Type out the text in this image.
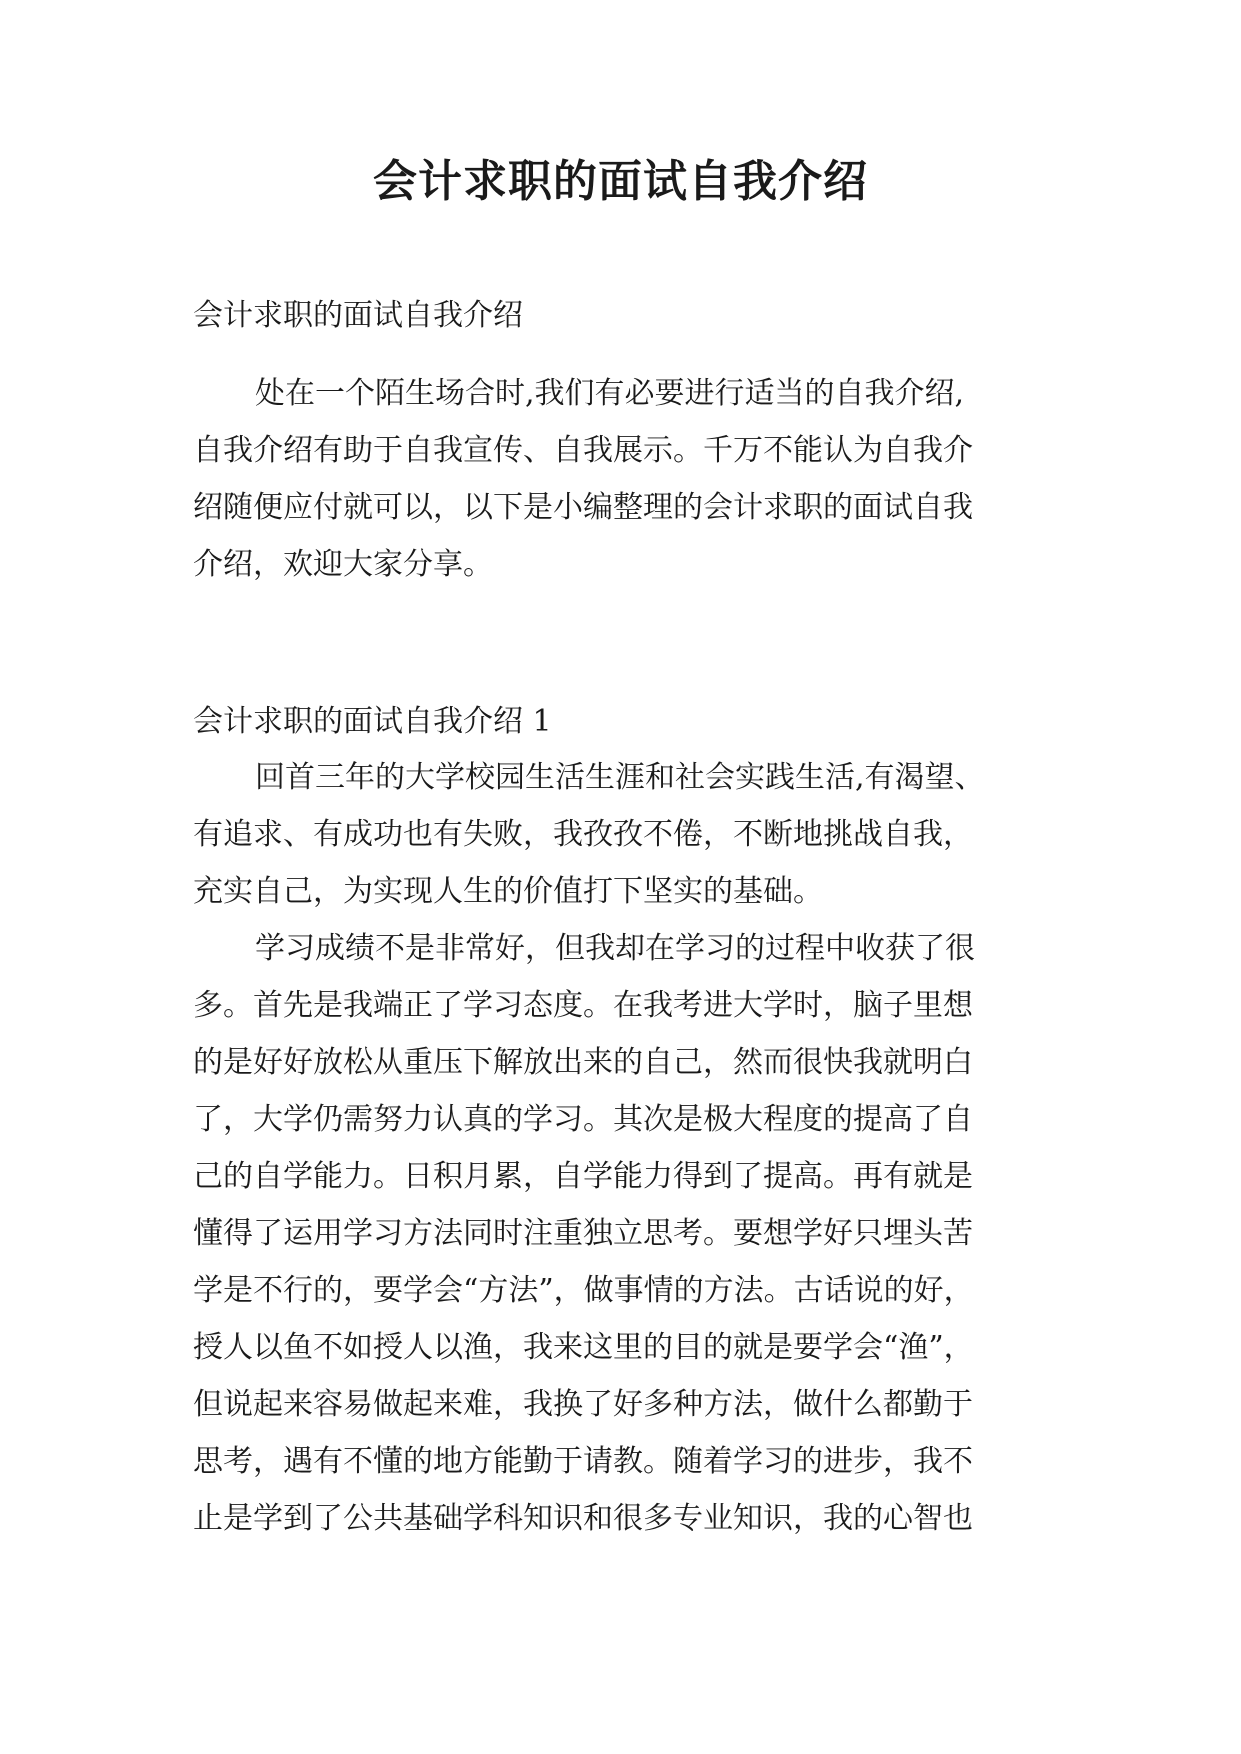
会计求职的面试自我介绍

会计求职的面试自我介绍

处在一个陌生场合时,我们有必要进行适当的自我介绍,
自我介绍有助于自我宣传、自我展示。千万不能认为自我介
绍随便应付就可以，以下是小编整理的会计求职的面试自我
介绍，欢迎大家分享。

会计求职的面试自我介绍 1

回首三年的大学校园生活生涯和社会实践生活,有渴望、
有追求、有成功也有失败，我孜孜不倦，不断地挑战自我，
充实自己，为实现人生的价值打下坚实的基础。
学习成绩不是非常好，但我却在学习的过程中收获了很
多。首先是我端正了学习态度。在我考进大学时，脑子里想
的是好好放松从重压下解放出来的自己，然而很快我就明白
了，大学仍需努力认真的学习。其次是极大程度的提高了自
己的自学能力。日积月累，自学能力得到了提高。再有就是
懂得了运用学习方法同时注重独立思考。要想学好只埋头苦
学是不行的，要学会“方法”，做事情的方法。古话说的好，
授人以鱼不如授人以渔，我来这里的目的就是要学会“渔”，
但说起来容易做起来难，我换了好多种方法，做什么都勤于
思考，遇有不懂的地方能勤于请教。随着学习的进步，我不
止是学到了公共基础学科知识和很多专业知识，我的心智也
